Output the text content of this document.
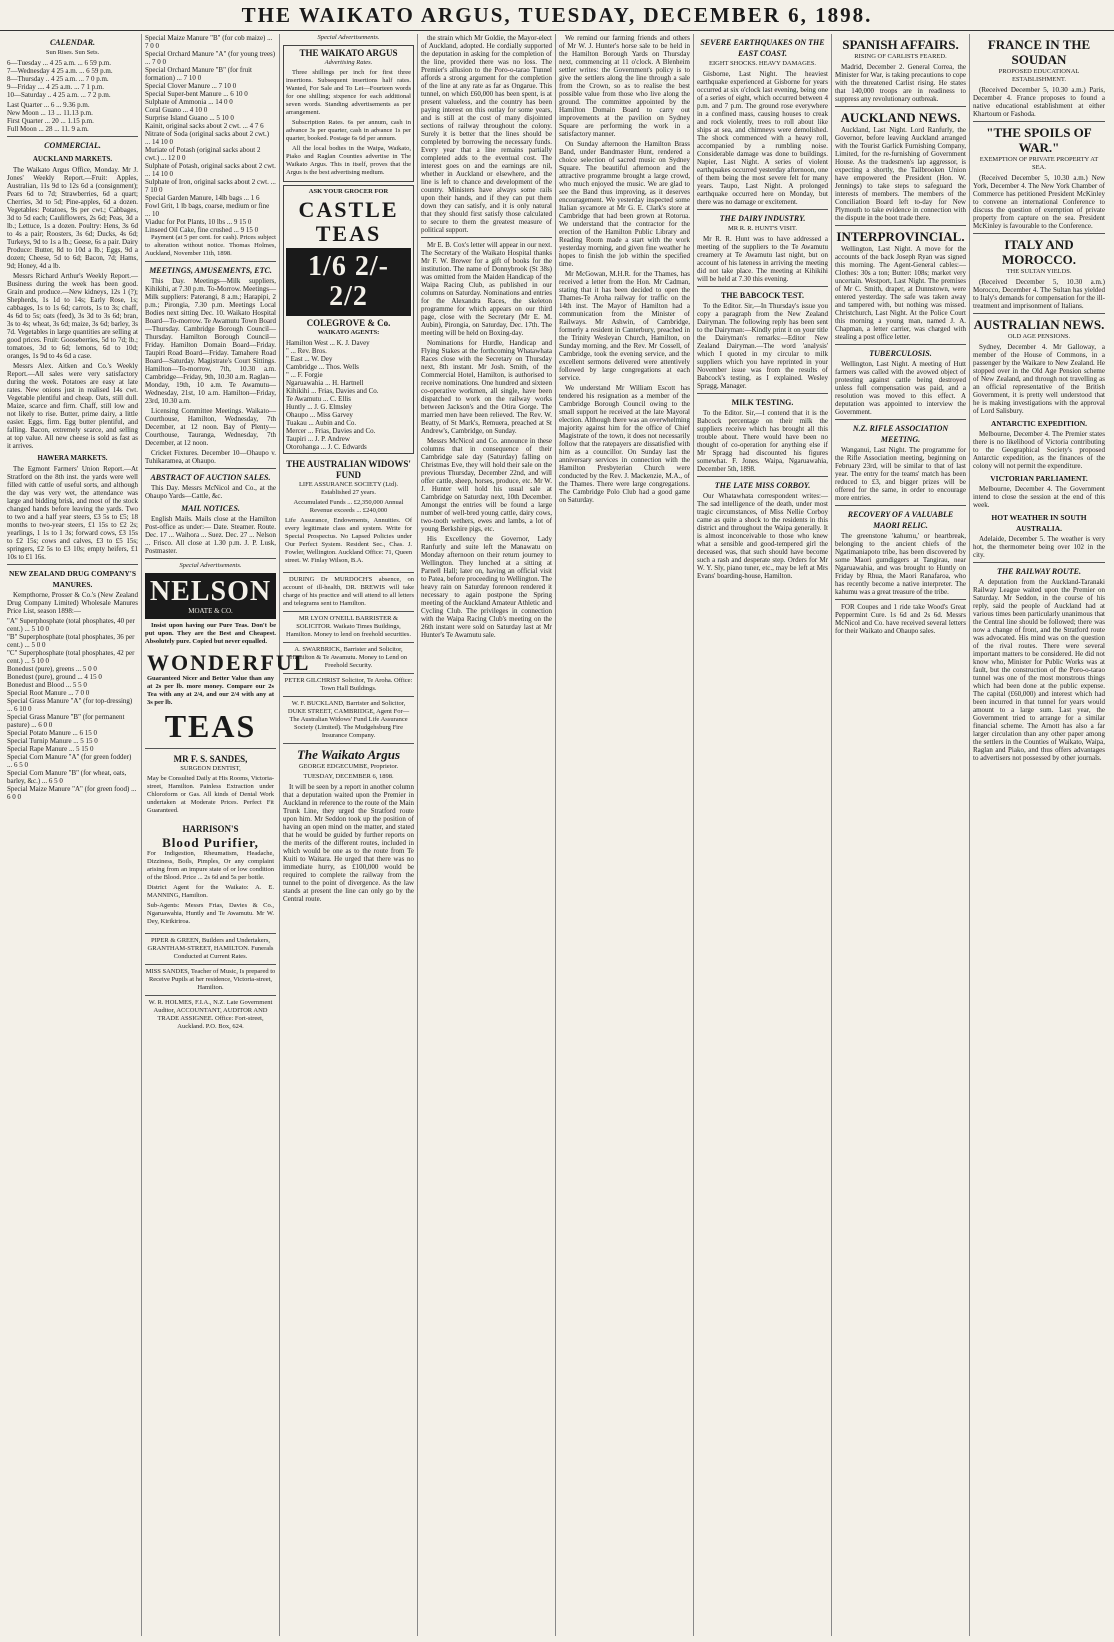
THE WAIKATO ARGUS, TUESDAY, DECEMBER 6, 1898.
CALENDAR.
Sun Rises. Sun Sets.
6—Tuesday ... 4 25 a.m. ... 6 59 p.m.
7—Wednesday 4 25 a.m. ... 6 59 p.m.
8—Thursday .. 4 25 a.m. ... 7 0 p.m.
9—Friday .... 4 25 a.m. ... 7 1 p.m.
10—Saturday .. 4 25 a.m. ... 7 2 p.m.
Last Quarter ... 6 ... 9.36 p.m.
New Moon ... 13 ... 11.13 p.m.
First Quarter ... 20 ... 1.15 p.m.
Full Moon ... 28 ... 11. 9 a.m.
COMMERCIAL.
AUCKLAND MARKETS.

The Waikato Argus Office, Monday. Mr J. Jones' Weekly Report.—Fruit: Apples, Australian, 11s 9d to 12s 6d a (consignment); Pears 6d to 7d; Strawberries, 6d a quart; Cherries, 3d to 5d; Pine-apples, 6d a dozen. Vegetables: Potatoes, 9s per cwt.; Cabbages, 3d to 5d each; Cauliflowers, 2s 6d; Peas, 3d a lb.; Lettuce, 1s a dozen. Poultry: Hens, 3s 6d to 4s a pair; Roosters, 3s 6d; Ducks, 4s 6d; Turkeys, 9d to 1s a lb.; Geese, 6s a pair. Dairy Produce: Butter, 8d to 10d a lb.; Eggs, 9d a dozen; Cheese, 5d to 6d; Bacon, 7d; Hams, 9d; Honey, 4d a lb.

Messrs Richard Arthur's Weekly Report.—Business during the week has been good. Grain and produce.—New kidneys, 12s 1 (?); Shepherds, 1s 1d to 14s; Early Rose, 1s; cabbages, 1s to 1s 6d; carrots, 1s to 3s; chaff, 4s 6d to 5s; oats (feed), 3s 3d to 3s 6d; bran, 3s to 4s; wheat, 3s 6d; maize, 3s 6d; barley, 3s 7d. Vegetables in large quantities are selling at good prices. Fruit: Gooseberries, 5d to 7d; lb.; tomatoes, 3d to 6d; lemons, 6d to 10d; oranges, 1s 9d to 4s 6d a case.

Messrs Alex. Aitken and Co.'s Weekly Report.—All sales were very satisfactory during the week. Potatoes are easy at late rates. New onions just in realised 14s cwt. Vegetable plentiful and cheap. Oats, still dull. Maize, scarce and firm. Chaff, still low and not likely to rise. Butter, prime dairy, a little easier. Eggs, firm. Egg butter plentiful, and falling. Bacon, extremely scarce, and selling at top value. All new cheese is sold as fast as it arrives.

HAWERA MARKETS.

The Egmont Farmers' Union Report.—At Stratford on the 8th inst. the yards were well filled with cattle of useful sorts, and although the day was very wet, the attendance was large and bidding brisk, and most of the stock changed hands before leaving the yards. Two to two and a half year steers, £3 5s to £5; 18 months to two-year steers, £1 15s to £2 2s; yearlings, 1 1s to 1 3s; forward cows, £3 15s to £2 15s; cows and calves, £3 to £5 15s; springers, £2 5s to £3 10s; empty heifers, £1 10s to £1 16s.

NEW ZEALAND DRUG COMPANY'S MANURES.

Kempthorne, Prosser & Co.'s (New Zealand Drug Company Limited) Wholesale Manures Price List, season 1898:—

"A" Superphosphate (total phosphates, 40 per cent.) ... 5 10 0
"B" Superphosphate (total phosphates, 36 per cent.) ... 5 0 0
"C" Superphosphate (total phosphates, 42 per cent.) ... 5 10 0
Bonedust (pure), greens ... 5 0 0
Bonedust (pure), ground ... 4 15 0
Bonedust and Blood ... 5 5 0
Special Root Manure ... 7 0 0
Special Grass Manure "A" (for top-dressing) ... 6 10 0
Special Grass Manure "B" (for permanent pasture) ... 6 0 0
Special Potato Manure ... 6 15 0
Special Turnip Manure ... 5 15 0
Special Rape Manure ... 5 15 0
Special Corn Manure "A" (for green fodder) ... 6 5 0
Special Corn Manure "B" (for wheat, oats, barley, &c.) ... 6 5 0
Special Maize Manure "A" (for green food) ... 6 0 0
Special Maize Manure "B" (for cob maize) ... 7 0 0
Special Orchard Manure "A" (for young trees) ... 7 0 0
Special Orchard Manure "B" (for fruit formation) ... 7 10 0
Special Clover Manure ... 7 10 0
Special Super-bent Manure ... 6 10 0
Sulphate of Ammonia ... 14 0 0
Coral Guano ... 4 10 0
Surprise Island Guano ... 5 10 0
Kainit, original sacks about 2 cwt. ... 4 7 6
Nitrate of Soda (original sacks about 2 cwt.) ... 14 10 0
Muriate of Potash (original sacks about 2 cwt.) ... 12 0 0
Sulphate of Potash, original sacks about 2 cwt. ... 14 10 0
Sulphate of Iron, original sacks about 2 cwt. ... 7 10 0
Special Garden Manure, 14lb bags ... 1 6
Fowl Grit, 1 lb bags, coarse, medium or fine ... 10
Viaduc for Pot Plants, 10 lbs ... 9 15 0
Linseed Oil Cake, fine crushed ... 9 15 0

Payment (at 5 per cent. for cash). Prices subject to alteration without notice. Thomas Holmes, Auckland, November 11th, 1898.

MEETINGS, AMUSEMENTS, ETC.

This Day. Meetings—Milk suppliers, Kihikihi, at 7.30 p.m. To-Morrow. Meetings—Milk suppliers: Paterangi, 8 a.m.; Harapipi, 2 p.m.; Pirongia, 7.30 p.m. Meetings Local Bodies next sitting Dec. 10. Waikato Hospital Board—To-morrow. Te Awamutu Town Board—Thursday. Cambridge Borough Council—Thursday. Hamilton Borough Council—Friday. Hamilton Domain Board—Friday. Taupiri Road Board—Friday. Tamahere Road Board—Saturday. Magistrate's Court Sittings. Hamilton—To-morrow, 7th, 10.30 a.m. Cambridge—Friday, 9th, 10.30 a.m. Raglan—Monday, 19th, 10 a.m. Te Awamutu—Wednesday, 21st, 10 a.m. Hamilton—Friday, 23rd, 10.30 a.m.

Licensing Committee Meetings. Waikato—Courthouse, Hamilton, Wednesday, 7th December, at 12 noon. Bay of Plenty—Courthouse, Tauranga, Wednesday, 7th December, at 12 noon.

Cricket Fixtures. December 10—Ohaupo v. Tuhikaramea, at Ohaupo.

ABSTRACT OF AUCTION SALES.

This Day. Messrs McNicol and Co., at the Ohaupo Yards—Cattle, &c.

MAIL NOTICES.

English Mails. Mails close at the Hamilton Post-office as under:— Date. Steamer. Route. Dec. 17 ... Waihora ... Suez. Dec. 27 ... Nelson ... Frisco. All close at 1.30 p.m. J. P. Lusk, Postmaster.

Special Advertisements.
NELSON
MOATE & CO.

Insist upon having our Pure Teas. Don't be put upon. They are the Best and Cheapest. Absolutely pure. Copied but never equalled.

WONDERFUL

Guaranteed Nicer and Better Value than any at 2s per lb. more money. Compare our 2s Tea with any at 2/4, and our 2/4 with any at 3s per lb.

TEAS
MR F. S. SANDES,
SURGEON DENTIST,

May be Consulted Daily at His Rooms, Victoria-street, Hamilton. Painless Extraction under Chloroform or Gas. All kinds of Dental Work undertaken at Moderate Prices. Perfect Fit Guaranteed.

HARRISON'S
Blood Purifier,

For Indigestion, Rheumatism, Headache, Dizziness, Boils, Pimples, Or any complaint arising from an impure state of or low condition of the Blood. Price ... 2s 6d and 5s per bottle.

District Agent for the Waikato: A. E. MANNING, Hamilton.

Sub-Agents: Messrs Frias, Davies & Co., Ngaruawahia, Huntly and Te Awamutu. Mr W. Dey, Kirikiriroa.

PIPER & GREEN, Builders and Undertakers, GRANTHAM-STREET, HAMILTON. Funerals Conducted at Current Rates.

MISS SANDES, Teacher of Music, Is prepared to Receive Pupils at her residence, Victoria-street, Hamilton.

W. R. HOLMES, F.I.A., N.Z. Late Government Auditor, ACCOUNTANT, AUDITOR AND TRADE ASSIGNEE. Office: Fort-street, Auckland. P.O. Box, 624.

Special Advertisements.
THE WAIKATO ARGUS
Advertising Rates.

Three shillings per inch for first three insertions. Subsequent insertions half rates. Wanted, For Sale and To Let—Fourteen words for one shilling; sixpence for each additional seven words. Standing advertisements as per arrangement.

Subscription Rates. 6s per annum, cash in advance 3s per quarter, cash in advance 1s per quarter, booked. Postage 6s 6d per annum.

All the local bodies in the Waipa, Waikato, Piako and Raglan Counties advertise in The Waikato Argus. This in itself, proves that the Argus is the best advertising medium.

ASK YOUR GROCER FOR
CASTLE TEAS
1/6 2/- 2/2
COLEGROVE & Co.
WAIKATO AGENTS:
Hamilton West ... K. J. Davey
" ... Rev. Bros.
" East ... W. Dey
Cambridge ... Thos. Wells
" ... F. Forgie
Ngaruawahia ... H. Hartnell
Kihikihi ... Frias, Davies and Co.
Te Awamutu ... C. Ellis
Huntly ... J. G. Elmsley
Ohaupo ... Miss Garvey
Tuakau ... Aubin and Co.
Mercer ... Frias, Davies and Co.
Taupiri ... J. P. Andrew
Otorohanga ... J. C. Edwards
THE AUSTRALIAN WIDOWS' FUND
LIFE ASSURANCE SOCIETY (Ltd). Established 27 years.
Accumulated Funds ... £2,350,000 Annual Revenue exceeds ... £240,000

Life Assurance, Endowments, Annuities. Of every legitimate class and system. Write for Special Prospectus. No Lapsed Policies under Our Perfect System. Resident Sec., Chas. J. Fowler, Wellington. Auckland Office: 71, Queen street. W. Finlay Wilson, B.A.

DURING Dr MURDOCH'S absence, on account of ill-health, DR. BREWIS will take charge of his practice and will attend to all letters and telegrams sent to Hamilton.

MR LYON O'NEILL BARRISTER & SOLICITOR. Waikato Times Buildings, Hamilton. Money to lend on freehold securities.

A. SWARBRICK, Barrister and Solicitor, Hamilton & Te Awamutu. Money to Lend on Freehold Security.

PETER GILCHRIST Solicitor, Te Aroha. Office: Town Hall Buildings.

W. F. BUCKLAND, Barrister and Solicitor, DUKE STREET, CAMBRIDGE, Agent For— The Australian Widows' Fund Life Assurance Society (Limited). The Mudgehsburg Fire Insurance Company.

The Waikato Argus
GEORGE EDGECUMBE, Proprietor.
TUESDAY, DECEMBER 6, 1898.

It will be seen by a report in another column that a deputation waited upon the Premier in Auckland in reference to the route of the Main Trunk Line, they urged the Stratford route upon him. Mr Seddon took up the position of having an open mind on the matter, and stated that he would be guided by further reports on the merits of the different routes, included in which would be one as to the route from Te Kuiti to Waitara. He urged that there was no immediate hurry, as £100,000 would be required to complete the railway from the tunnel to the point of divergence. As the law stands at present the line can only go by the Central route.

the strain which Mr Goldie, the Mayor-elect of Auckland, adopted. He cordially supported the deputation in asking for the completion of the line, provided there was no loss. The Premier's allusion to the Poro-o-tarao Tunnel affords a strong argument for the completion of the line at any rate as far as Ongarue. This tunnel, on which £60,000 has been spent, is at present valueless, and the country has been paying interest on this outlay for some years, and is still at the cost of many disjointed sections of railway throughout the colony. Surely it is better that the lines should be completed by borrowing the necessary funds. Every year that a line remains partially completed adds to the eventual cost. The interest goes on and the earnings are nil, whether in Auckland or elsewhere, and the line is left to chance and development of the country. Ministers have always some rails upon their hands, and if they can put them down they can satisfy, and it is only natural that they should first satisfy those calculated to secure to them the greatest measure of political support.

Mr E. B. Cox's letter will appear in our next. The Secretary of the Waikato Hospital thanks Mr F. W. Brewer for a gift of books for the institution. The name of Donnybrook (St 38s) was omitted from the Maiden Handicap of the Waipa Racing Club, as published in our columns on Saturday. Nominations and entries for the Alexandra Races, the skeleton programme for which appears on our third page, close with the Secretary (Mr E. M. Aubin), Pirongia, on Saturday, Dec. 17th. The meeting will be held on Boxing-day.

Nominations for Hurdle, Handicap and Flying Stakes at the forthcoming Whatawhata Races close with the Secretary on Thursday next, 8th instant. Mr Josh. Smith, of the Commercial Hotel, Hamilton, is authorised to receive nominations. One hundred and sixteen co-operative workmen, all single, have been dispatched to work on the railway works between Jackson's and the Otira Gorge. The married men have been relieved. The Rev. W. Beatty, of St Mark's, Remuera, preached at St Andrew's, Cambridge, on Sunday.

Messrs McNicol and Co. announce in these columns that in consequence of their Cambridge sale day (Saturday) falling on Christmas Eve, they will hold their sale on the previous Thursday, December 22nd, and will offer cattle, sheep, horses, produce, etc. Mr W. J. Hunter will hold his usual sale at Cambridge on Saturday next, 10th December. Amongst the entries will be found a large number of well-bred young cattle, dairy cows, two-tooth wethers, ewes and lambs, a lot of young Berkshire pigs, etc.

His Excellency the Governor, Lady Ranfurly and suite left the Manawatu on Monday afternoon on their return journey to Wellington. They lunched at a sitting at Parnell Hall; later on, having an official visit to Patea, before proceeding to Wellington. The heavy rain on Saturday forenoon rendered it necessary to again postpone the Spring meeting of the Auckland Amateur Athletic and Cycling Club. The privileges in connection with the Waipa Racing Club's meeting on the 26th instant were sold on Saturday last at Mr Hunter's Te Awamutu sale.

We remind our farming friends and others of Mr W. J. Hunter's horse sale to be held in the Hamilton Borough Yards on Thursday next, commencing at 11 o'clock. A Blenheim settler writes: the Government's policy is to give the settlers along the line through a sale from the Crown, so as to realise the best possible value from those who live along the ground. The committee appointed by the Hamilton Domain Board to carry out improvements at the pavilion on Sydney Square are performing the work in a satisfactory manner.

On Sunday afternoon the Hamilton Brass Band, under Bandmaster Hunt, rendered a choice selection of sacred music on Sydney Square. The beautiful afternoon and the attractive programme brought a large crowd, who much enjoyed the music. We are glad to see the Band thus improving, as it deserves encouragement. We yesterday inspected some Italian sycamore at Mr G. E. Clark's store at Cambridge that had been grown at Rotorua. We understand that the contractor for the erection of the Hamilton Public Library and Reading Room made a start with the work yesterday morning, and given fine weather he hopes to finish the job within the specified time.

Mr McGowan, M.H.R. for the Thames, has received a letter from the Hon. Mr Cadman, stating that it has been decided to open the Thames-Te Aroha railway for traffic on the 14th inst. The Mayor of Hamilton had a communication from the Minister of Railways. Mr Ashwin, of Cambridge, formerly a resident in Canterbury, preached in the Trinity Wesleyan Church, Hamilton, on Sunday morning, and the Rev. Mr Cossell, of Cambridge, took the evening service, and the excellent sermons delivered were attentively followed by large congregations at each service.

We understand Mr William Escott has tendered his resignation as a member of the Cambridge Borough Council owing to the small support he received at the late Mayoral election. Although there was an overwhelming majority against him for the office of Chief Magistrate of the town, it does not necessarily follow that the ratepayers are dissatisfied with him as a councillor. On Sunday last the anniversary services in connection with the Hamilton Presbyterian Church were conducted by the Rev. J. Mackenzie, M.A., of the Thames. There were large congregations. The Cambridge Polo Club had a good game on Saturday.

SEVERE EARTHQUAKES ON THE EAST COAST.
EIGHT SHOCKS. HEAVY DAMAGES.

Gisborne, Last Night. The heaviest earthquake experienced at Gisborne for years occurred at six o'clock last evening, being one of a series of eight, which occurred between 4 p.m. and 7 p.m. The ground rose everywhere in a confined mass, causing houses to creak and rock violently, trees to roll about like ships at sea, and chimneys were demolished. The shock commenced with a heavy roll, accompanied by a rumbling noise. Considerable damage was done to buildings. Napier, Last Night. A series of violent earthquakes occurred yesterday afternoon, one of them being the most severe felt for many years. Taupo, Last Night. A prolonged earthquake occurred here on Monday, but there was no damage or excitement.

THE DAIRY INDUSTRY.
MR R. R. HUNT'S VISIT.

Mr R. R. Hunt was to have addressed a meeting of the suppliers to the Te Awamutu creamery at Te Awamutu last night, but on account of his lateness in arriving the meeting did not take place. The meeting at Kihikihi will be held at 7.30 this evening.

THE BABCOCK TEST.

To the Editor. Sir,—In Thursday's issue you copy a paragraph from the New Zealand Dairyman. The following reply has been sent to the Dairyman:—Kindly print it on your title the Dairyman's remarks:—Editor New Zealand Dairyman.—The word 'analysis' which I quoted in my circular to milk suppliers which you have reprinted in your November issue was from the results of Babcock's testing, as I explained. Wesley Spragg, Manager.

MILK TESTING.

To the Editor. Sir,—I contend that it is the Babcock percentage on their milk the suppliers receive which has brought all this trouble about. There would have been no thought of co-operation for anything else if Mr Spragg had discounted his figures somewhat. F. Jones. Waipa, Ngaruawahia, December 5th, 1898.

THE LATE MISS CORBOY.

Our Whatawhata correspondent writes:—The sad intelligence of the death, under most tragic circumstances, of Miss Nellie Corboy came as quite a shock to the residents in this district and throughout the Waipa generally. It is almost inconceivable to those who knew what a sensible and good-tempered girl the deceased was, that such should have become such a rash and desperate step. Orders for Mr W. Y. Sly, piano tuner, etc., may be left at Mrs Evans' boarding-house, Hamilton.

SPANISH AFFAIRS.
RISING OF CARLISTS FEARED.

Madrid, December 2. General Correa, the Minister for War, is taking precautions to cope with the threatened Carlist rising. He states that 140,000 troops are in readiness to suppress any revolutionary outbreak.

AUCKLAND NEWS.

Auckland, Last Night. Lord Ranfurly, the Governor, before leaving Auckland arranged with the Tourist Garlick Furnishing Company, Limited, for the re-furnishing of Government House. As the tradesmen's lap aggressor, is expecting a shortly, the Tailbrooken Union have empowered the President (Hon. W. Jennings) to take steps to safeguard the interests of members. The members of the Conciliation Board left to-day for New Plymouth to take evidence in connection with the dispute in the boot trade there.

INTERPROVINCIAL.

Wellington, Last Night. A move for the accounts of the back Joseph Ryan was signed this morning. The Agent-General cables:—Clothes: 30s a ton; Butter: 108s; market very uncertain. Westport, Last Night. The premises of Mr C. Smith, draper, at Dunnstown, were entered yesterday. The safe was taken away and tampered with, but nothing was missed. Christchurch, Last Night. At the Police Court this morning a young man, named J. A. Chapman, a letter carrier, was charged with stealing a post office letter.

TUBERCULOSIS.

Wellington, Last Night. A meeting of Hutt farmers was called with the avowed object of protesting against cattle being destroyed unless full compensation was paid, and a resolution was moved to this effect. A deputation was appointed to interview the Government.

N.Z. RIFLE ASSOCIATION MEETING.

Wanganui, Last Night. The programme for the Rifle Association meeting, beginning on February 23rd, will be similar to that of last year. The entry for the teams' match has been reduced to £3, and bigger prizes will be offered for the same, in order to encourage more entries.

RECOVERY OF A VALUABLE MAORI RELIC.

The greenstone 'kahumu,' or heartbreak, belonging to the ancient chiefs of the Ngatimaniapoto tribe, has been discovered by some Maori gumdiggers at Tangirau, near Ngaruawahia, and was brought to Huntly on Friday by Rhua, the Maori Ranafaroa, who has recently become a native interpreter. The kahumu was a great treasure of the tribe.

FOR Coupes and 1 ride take Wood's Great Peppermint Cure. 1s 6d and 2s 6d. Messrs McNicol and Co. have received several letters for their Waikato and Ohaupo sales.

FRANCE IN THE SOUDAN
PROPOSED EDUCATIONAL ESTABLISHMENT.

(Received December 5, 10.30 a.m.) Paris, December 4. France proposes to found a native educational establishment at either Khartoum or Fashoda.

"THE SPOILS OF WAR."
EXEMPTION OF PRIVATE PROPERTY AT SEA.

(Received December 5, 10.30 a.m.) New York, December 4. The New York Chamber of Commerce has petitioned President McKinley to convene an international Conference to discuss the question of exemption of private property from capture on the sea. President McKinley is favourable to the Conference.

ITALY AND MOROCCO.
THE SULTAN YIELDS.

(Received December 5, 10.30 a.m.) Morocco, December 4. The Sultan has yielded to Italy's demands for compensation for the ill-treatment and imprisonment of Italians.

AUSTRALIAN NEWS.
OLD AGE PENSIONS.

Sydney, December 4. Mr Galloway, a member of the House of Commons, in a passenger by the Waikare to New Zealand. He stopped over in the Old Age Pension scheme of New Zealand, and through not travelling as an official representative of the British Government, it is pretty well understood that he is making investigations with the approval of Lord Salisbury.

ANTARCTIC EXPEDITION.

Melbourne, December 4. The Premier states there is no likelihood of Victoria contributing to the Geographical Society's proposed Antarctic expedition, as the finances of the colony will not permit the expenditure.

VICTORIAN PARLIAMENT.

Melbourne, December 4. The Government intend to close the session at the end of this week.

HOT WEATHER IN SOUTH AUSTRALIA.

Adelaide, December 5. The weather is very hot, the thermometer being over 102 in the city.

THE RAILWAY ROUTE.

A deputation from the Auckland-Taranaki Railway League waited upon the Premier on Saturday. Mr Seddon, in the course of his reply, said the people of Auckland had at various times been particularly unanimous that the Central line should be followed; there was now a change of front, and the Stratford route was advocated. His mind was on the question of the rival routes. There were several important matters to be considered. He did not know who, Minister for Public Works was at fault, but the construction of the Poro-o-tarao tunnel was one of the most monstrous things which had been done at the public expense. The capital (£60,000) and interest which had been incurred in that tunnel for years would amount to a large sum. Last year, the Government tried to arrange for a similar financial scheme. The Arnott has also a far larger circulation than any other paper among the settlers in the Counties of Waikato, Waipa, Raglan and Piako, and thus offers advantages to advertisers not possessed by other journals.
